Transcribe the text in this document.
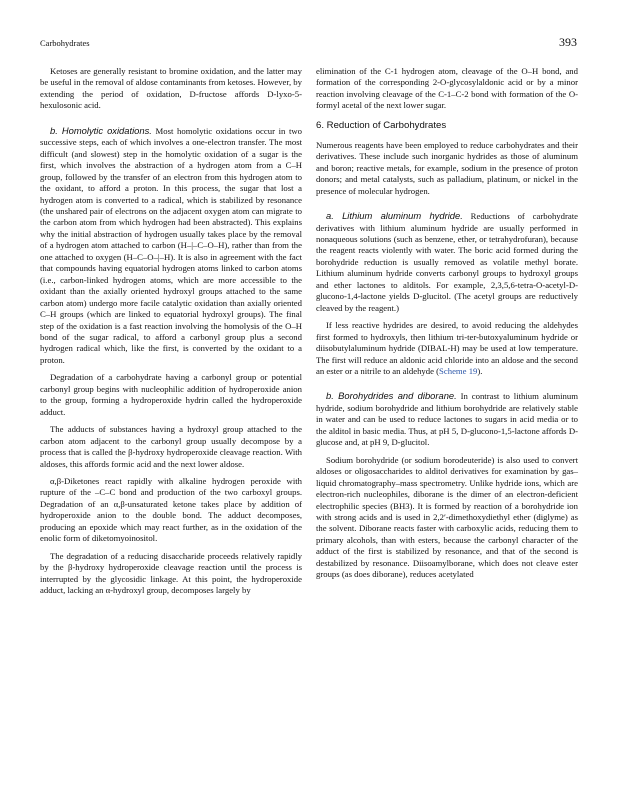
Carbohydrates	393

Ketoses are generally resistant to bromine oxidation, and the latter may be useful in the removal of aldose contaminants from ketoses. However, by extending the period of oxidation, D-fructose affords D-lyxo-5-hexulosonic acid.

b. Homolytic oxidations. Most homolytic oxidations occur in two successive steps, each of which involves a one-electron transfer. The most difficult (and slowest) step in the homolytic oxidation of a sugar is the first, which involves the abstraction of a hydrogen atom from a C–H group, followed by the transfer of an electron from this hydrogen atom to the oxidant, to afford a proton. In this process, the sugar that lost a hydrogen atom is converted to a radical, which is stabilized by resonance (the unshared pair of electrons on the adjacent oxygen atom can migrate to the carbon atom from which hydrogen had been abstracted). This explains why the initial abstraction of hydrogen usually takes place by the removal of a hydrogen atom attached to carbon (H–|–C–O–H), rather than from the one attached to oxygen (H–C–O–|–H). It is also in agreement with the fact that compounds having equatorial hydrogen atoms linked to carbon atoms (i.e., carbon-linked hydrogen atoms, which are more accessible to the oxidant than the axially oriented hydroxyl groups attached to the same carbon atom) undergo more facile catalytic oxidation than axially oriented C–H groups (which are linked to equatorial hydroxyl groups). The final step of the oxidation is a fast reaction involving the homolysis of the O–H bond of the sugar radical, to afford a carbonyl group plus a second hydrogen radical which, like the first, is converted by the oxidant to a proton.

Degradation of a carbohydrate having a carbonyl group or potential carbonyl group begins with nucleophilic addition of hydroperoxide anion to the group, forming a hydroperoxide hydrin called the hydroperoxide adduct.

The adducts of substances having a hydroxyl group attached to the carbon atom adjacent to the carbonyl group usually decompose by a process that is called the β-hydroxy hydroperoxide cleavage reaction. With aldoses, this affords formic acid and the next lower aldose.

α,β-Diketones react rapidly with alkaline hydrogen peroxide with rupture of the –C–C bond and production of the two carboxyl groups. Degradation of an α,β-unsaturated ketone takes place by addition of hydroperoxide anion to the double bond. The adduct decomposes, producing an epoxide which may react further, as in the oxidation of the enolic form of diketomyoinositol.

The degradation of a reducing disaccharide proceeds relatively rapidly by the β-hydroxy hydroperoxide cleavage reaction until the process is interrupted by the glycosidic linkage. At this point, the hydroperoxide adduct, lacking an α-hydroxyl group, decomposes largely by

elimination of the C-1 hydrogen atom, cleavage of the O–H bond, and formation of the corresponding 2-O-glycosylaldonic acid or by a minor reaction involving cleavage of the C-1–C-2 bond with formation of the O-formyl acetal of the next lower sugar.

6. Reduction of Carbohydrates

Numerous reagents have been employed to reduce carbohydrates and their derivatives. These include such inorganic hydrides as those of aluminum and boron; reactive metals, for example, sodium in the presence of proton donors; and metal catalysts, such as palladium, platinum, or nickel in the presence of molecular hydrogen.

a. Lithium aluminum hydride. Reductions of carbohydrate derivatives with lithium aluminum hydride are usually performed in nonaqueous solutions (such as benzene, ether, or tetrahydrofuran), because the reagent reacts violently with water. The boric acid formed during the borohydride reduction is usually removed as volatile methyl borate. Lithium aluminum hydride converts carbonyl groups to hydroxyl groups and ether lactones to alditols. For example, 2,3,5,6-tetra-O-acetyl-D-glucono-1,4-lactone yields D-glucitol. (The acetyl groups are reductively cleaved by the reagent.)

If less reactive hydrides are desired, to avoid reducing the aldehydes first formed to hydroxyls, then lithium tri-ter-butoxyaluminum hydride or diisobutylaluminum hydride (DIBAL-H) may be used at low temperature. The first will reduce an aldonic acid chloride into an aldose and the second an ester or a nitrile to an aldehyde (Scheme 19).

b. Borohydrides and diborane. In contrast to lithium aluminum hydride, sodium borohydride and lithium borohydride are relatively stable in water and can be used to reduce lactones to sugars in acid media or to the alditol in basic media. Thus, at pH 5, D-glucono-1,5-lactone affords D-glucose and, at pH 9, D-glucitol.

Sodium borohydride (or sodium borodeuteride) is also used to convert aldoses or oligosaccharides to alditol derivatives for examination by gas–liquid chromatography–mass spectrometry. Unlike hydride ions, which are electron-rich nucleophiles, diborane is the dimer of an electron-deficient electrophilic species (BH3). It is formed by reaction of a borohydride ion with strong acids and is used in 2,2′-dimethoxydiethyl ether (diglyme) as the solvent. Diborane reacts faster with carboxylic acids, reducing them to primary alcohols, than with esters, because the carbonyl character of the adduct of the first is stabilized by resonance, and that of the second is destabilized by resonance. Diisoamylborane, which does not cleave ester groups (as does diborane), reduces acetylated
